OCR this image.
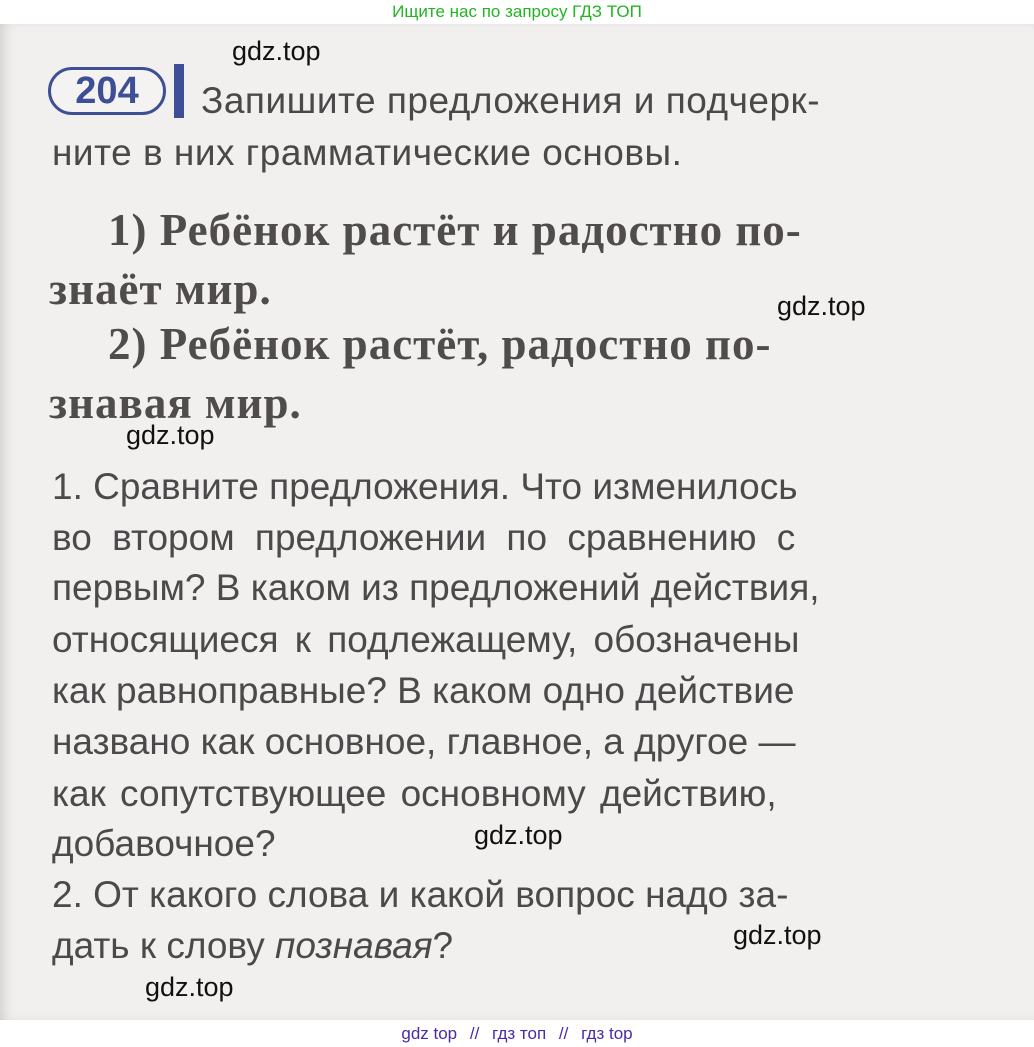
Ищите нас по запросу ГДЗ ТОП
204	Запишите предложения и подчерк-
ните в них грамматические основы.
1) Ребёнок растёт и радостно по-
знаёт мир.
2) Ребёнок растёт, радостно по-
знавая мир.
1. Сравните предложения. Что изменилось
во втором предложении по сравнению с
первым? В каком из предложений действия,
относящиеся к подлежащему, обозначены
как равноправные? В каком одно действие
названо как основное, главное, а другое —
как сопутствующее основному действию,
добавочное?
2. От какого слова и какой вопрос надо за-
дать к слову познавая?
gdz.top
gdz.top
gdz.top
gdz.top
gdz.top
gdz.top
gdz top // гдз топ // гдз top
